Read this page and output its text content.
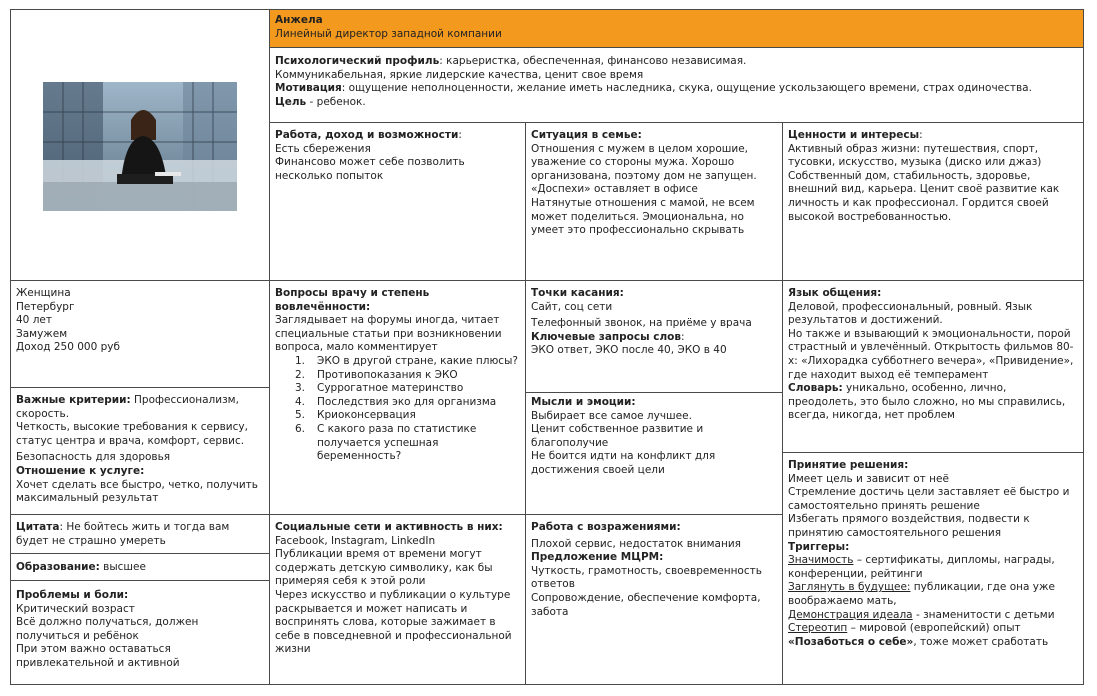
Анжела
Линейный директор западной компании
Психологический профиль: карьеристка, обеспеченная, финансово независимая.
Коммуникабельная, яркие лидерские качества, ценит свое время
Мотивация: ощущение неполноценности, желание иметь наследника, скука, ощущение ускользающего времени, страх одиночества.
Цель - ребенок.
Работа, доход и возможности:
Есть сбережения
Финансово может себе позволить несколько попыток
Ситуация в семье:
Отношения с мужем в целом хорошие, уважение со стороны мужа. Хорошо организована, поэтому дом не запущен. «Доспехи» оставляет в офисе
Натянутые отношения с мамой, не всем может поделиться. Эмоциональна, но умеет это профессионально скрывать
Ценности и интересы:
Активный образ жизни: путешествия, спорт, тусовки, искусство, музыка (диско или джаз)
Собственный дом, стабильность, здоровье, внешний вид, карьера. Ценит своё развитие как личность и как профессионал. Гордится своей высокой востребованностью.
Женщина
Петербург
40 лет
Замужем
Доход 250 000 руб
Важные критерии: Профессионализм, скорость.
Четкость, высокие требования к сервису, статус центра и врача, комфорт, сервис.
Безопасность для здоровья
Отношение к услуге:
Хочет сделать все быстро, четко, получить максимальный результат
Цитата: Не бойтесь жить и тогда вам будет не страшно умереть
Образование: высшее
Проблемы и боли:
Критический возраст
Всё должно получаться, должен получиться и ребёнок
При этом важно оставаться привлекательной и активной
Вопросы врачу и степень вовлечённости:
Заглядывает на форумы иногда, читает специальные статьи при возникновении вопроса, мало комментирует
1. ЭКО в другой стране, какие плюсы?
2. Противопоказания к ЭКО
3. Суррогатное материнство
4. Последствия эко для организма
5. Криоконсервация
6. С какого раза по статистике получается успешная беременность?
Социальные сети и активность в них:
Facebook, Instagram, LinkedIn
Публикации время от времени могут содержать детскую символику, как бы примеряя себя к этой роли
Через искусство и публикации о культуре раскрывается и может написать и воспринять слова, которые зажимает в себе в повседневной и профессиональной жизни
Точки касания:
Сайт, соц сети
Телефонный звонок, на приёме у врача
Ключевые запросы слов:
ЭКО ответ, ЭКО после 40, ЭКО в 40
Мысли и эмоции:
Выбирает все самое лучшее.
Ценит собственное развитие и благополучие
Не боится идти на конфликт для достижения своей цели
Работа с возражениями:
Плохой сервис, недостаток внимания
Предложение МЦРМ:
Чуткость, грамотность, своевременность ответов
Сопровождение, обеспечение комфорта, забота
Язык общения:
Деловой, профессиональный, ровный. Язык результатов и достижений.
Но также и взывающий к эмоциональности, порой страстный и увлечённый. Открытость фильмов 80-х: «Лихорадка субботнего вечера», «Привидение», где находит выход её темперамент
Словарь: уникально, особенно, лично, преодолеть, это было сложно, но мы справились, всегда, никогда, нет проблем
Принятие решения:
Имеет цель и зависит от неё
Стремление достичь цели заставляет её быстро и самостоятельно принять решение
Избегать прямого воздействия, подвести к принятию самостоятельного решения
Триггеры:
Значимость – сертификаты, дипломы, награды, конференции, рейтинги
Заглянуть в будущее: публикации, где она уже воображаемо мать,
Демонстрация идеала - знаменитости с детьми
Стереотип – мировой (европейский) опыт
«Позаботься о себе», тоже может сработать
